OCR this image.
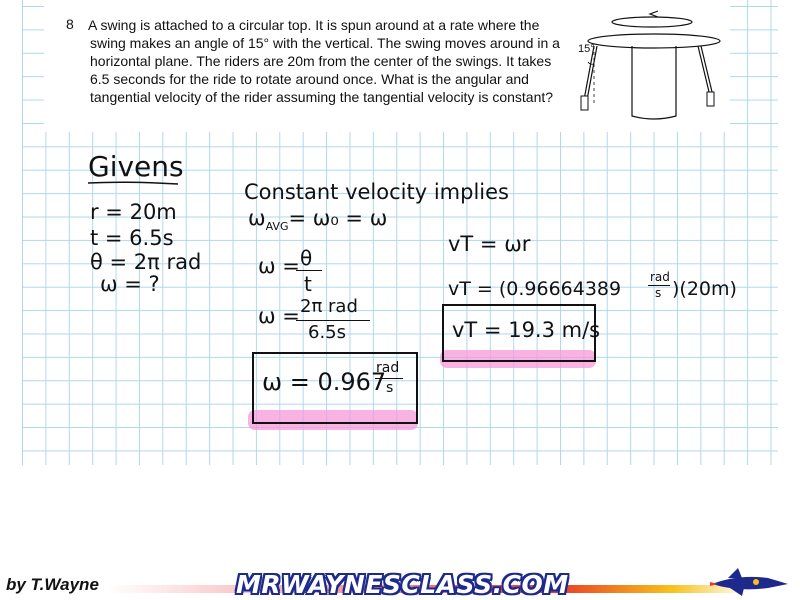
8 A swing is attached to a circular top. It is spun around at a rate where the swing makes an angle of 15° with the vertical. The swing moves around in a horizontal plane. The riders are 20m from the center of the swings. It takes 6.5 seconds for the ride to rotate around once. What is the angular and tangential velocity of the rider assuming the tangential velocity is constant?
15°
Givens
r = 20m
t = 6.5s
θ = 2π rad
ω = ?
Constant velocity implies
$\omega_{AVG}= \omega_0 = \omega$
ω = θ
t
ω = 2π rad
6.5s
ω = 0.967
rad
s
vT = ωr
vT = (0.96664389
rad
s )(20m)
vT = 19.3 m/s
by T.Wayne	MRWAYNESCLASS.COM
